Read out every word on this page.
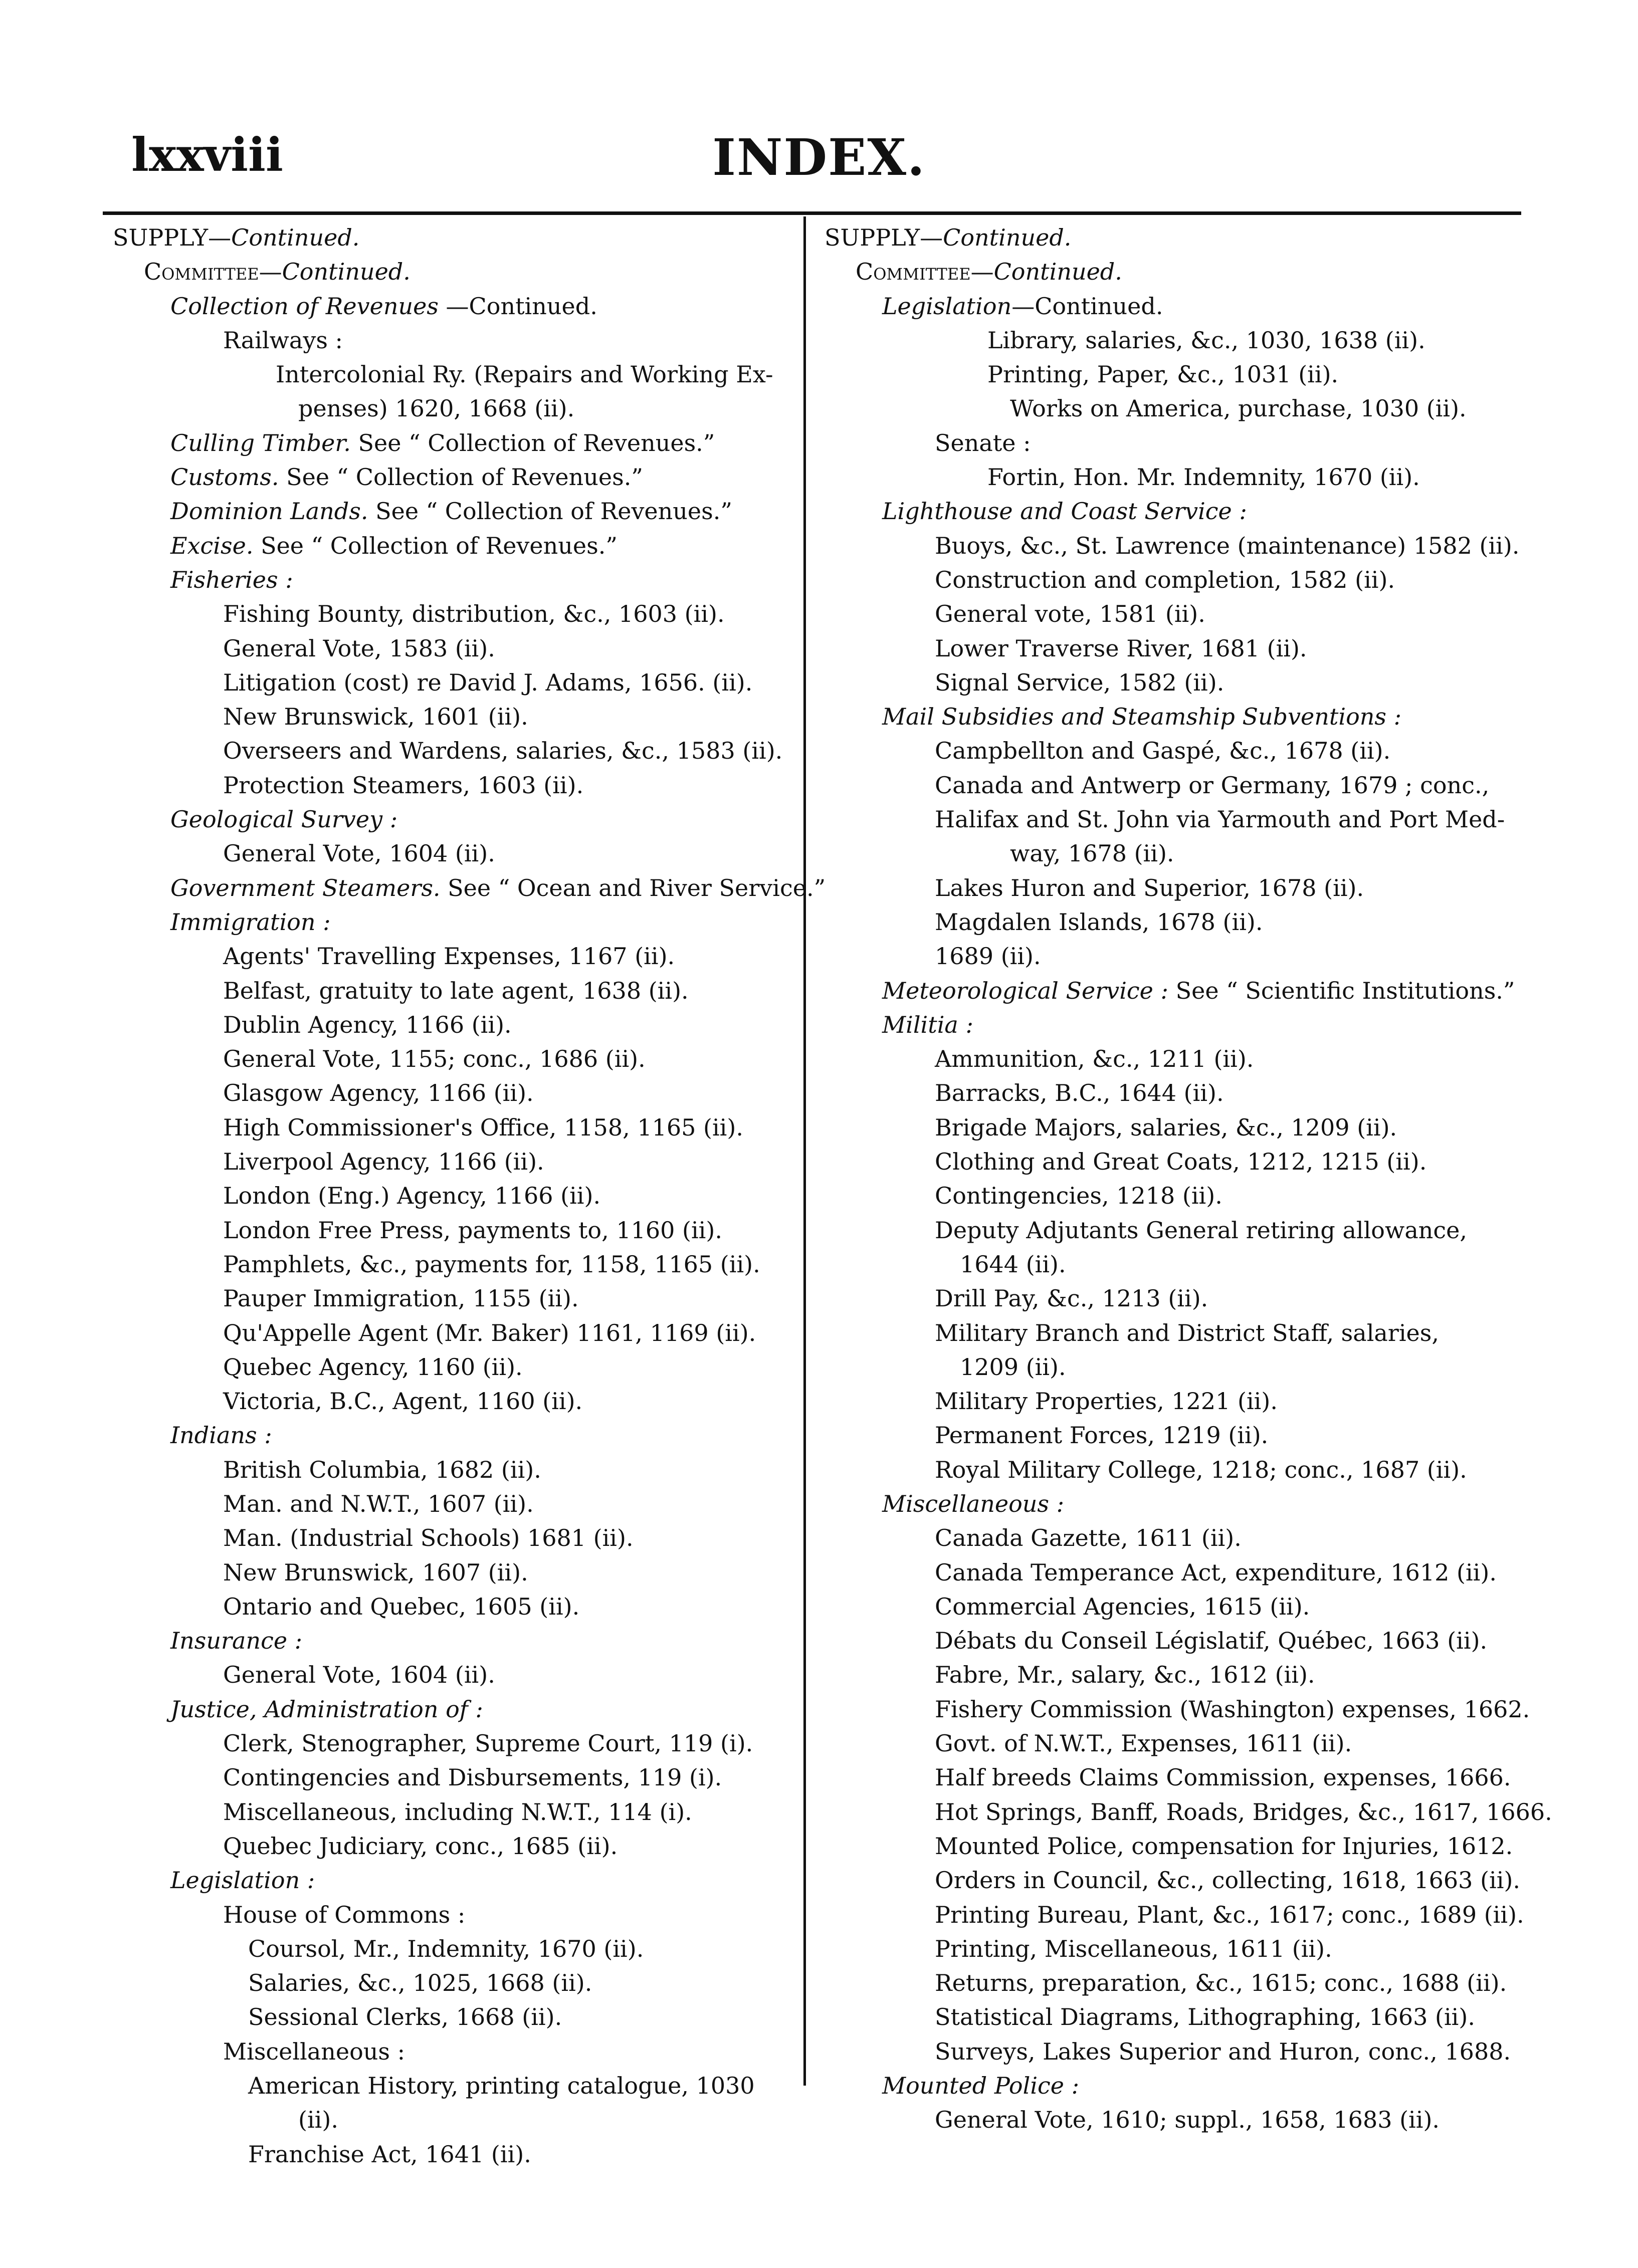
lxxviii	INDEX.
SUPPLY—Continued.
Committee—Continued.
Collection of Revenues —Continued.
Railways :
Intercolonial Ry. (Repairs and Working Ex-
penses) 1620, 1668 (ii).
Culling Timber. See “ Collection of Revenues.”
Customs. See “ Collection of Revenues.”
Dominion Lands. See “ Collection of Revenues.”
Excise. See “ Collection of Revenues.”
Fisheries :
Fishing Bounty, distribution, &c., 1603 (ii).
General Vote, 1583 (ii).
Litigation (cost) re David J. Adams, 1656. (ii).
New Brunswick, 1601 (ii).
Overseers and Wardens, salaries, &c., 1583 (ii).
Protection Steamers, 1603 (ii).
Geological Survey :
General Vote, 1604 (ii).
Government Steamers. See “ Ocean and River Service.”
Immigration :
Agents' Travelling Expenses, 1167 (ii).
Belfast, gratuity to late agent, 1638 (ii).
Dublin Agency, 1166 (ii).
General Vote, 1155; conc., 1686 (ii).
Glasgow Agency, 1166 (ii).
High Commissioner's Office, 1158, 1165 (ii).
Liverpool Agency, 1166 (ii).
London (Eng.) Agency, 1166 (ii).
London Free Press, payments to, 1160 (ii).
Pamphlets, &c., payments for, 1158, 1165 (ii).
Pauper Immigration, 1155 (ii).
Qu'Appelle Agent (Mr. Baker) 1161, 1169 (ii).
Quebec Agency, 1160 (ii).
Victoria, B.C., Agent, 1160 (ii).
Indians :
British Columbia, 1682 (ii).
Man. and N.W.T., 1607 (ii).
Man. (Industrial Schools) 1681 (ii).
New Brunswick, 1607 (ii).
Ontario and Quebec, 1605 (ii).
Insurance :
General Vote, 1604 (ii).
Justice, Administration of :
Clerk, Stenographer, Supreme Court, 119 (i).
Contingencies and Disbursements, 119 (i).
Miscellaneous, including N.W.T., 114 (i).
Quebec Judiciary, conc., 1685 (ii).
Legislation :
House of Commons :
Coursol, Mr., Indemnity, 1670 (ii).
Salaries, &c., 1025, 1668 (ii).
Sessional Clerks, 1668 (ii).
Miscellaneous :
American History, printing catalogue, 1030
(ii).
Franchise Act, 1641 (ii).
SUPPLY—Continued.
Committee—Continued.
Legislation—Continued.
Library, salaries, &c., 1030, 1638 (ii).
Printing, Paper, &c., 1031 (ii).
Works on America, purchase, 1030 (ii).
Senate :
Fortin, Hon. Mr. Indemnity, 1670 (ii).
Lighthouse and Coast Service :
Buoys, &c., St. Lawrence (maintenance) 1582 (ii).
Construction and completion, 1582 (ii).
General vote, 1581 (ii).
Lower Traverse River, 1681 (ii).
Signal Service, 1582 (ii).
Mail Subsidies and Steamship Subventions :
Campbellton and Gaspé, &c., 1678 (ii).
Canada and Antwerp or Germany, 1679 ; conc.,
Halifax and St. John via Yarmouth and Port Med-
way, 1678 (ii).
Lakes Huron and Superior, 1678 (ii).
Magdalen Islands, 1678 (ii).
1689 (ii).
Meteorological Service : See “ Scientific Institutions.”
Militia :
Ammunition, &c., 1211 (ii).
Barracks, B.C., 1644 (ii).
Brigade Majors, salaries, &c., 1209 (ii).
Clothing and Great Coats, 1212, 1215 (ii).
Contingencies, 1218 (ii).
Deputy Adjutants General retiring allowance,
1644 (ii).
Drill Pay, &c., 1213 (ii).
Military Branch and District Staff, salaries,
1209 (ii).
Military Properties, 1221 (ii).
Permanent Forces, 1219 (ii).
Royal Military College, 1218; conc., 1687 (ii).
Miscellaneous :
Canada Gazette, 1611 (ii).
Canada Temperance Act, expenditure, 1612 (ii).
Commercial Agencies, 1615 (ii).
Débats du Conseil Législatif, Québec, 1663 (ii).
Fabre, Mr., salary, &c., 1612 (ii).
Fishery Commission (Washington) expenses, 1662.
Govt. of N.W.T., Expenses, 1611 (ii).
Half breeds Claims Commission, expenses, 1666.
Hot Springs, Banff, Roads, Bridges, &c., 1617, 1666.
Mounted Police, compensation for Injuries, 1612.
Orders in Council, &c., collecting, 1618, 1663 (ii).
Printing Bureau, Plant, &c., 1617; conc., 1689 (ii).
Printing, Miscellaneous, 1611 (ii).
Returns, preparation, &c., 1615; conc., 1688 (ii).
Statistical Diagrams, Lithographing, 1663 (ii).
Surveys, Lakes Superior and Huron, conc., 1688.
Mounted Police :
General Vote, 1610; suppl., 1658, 1683 (ii).
